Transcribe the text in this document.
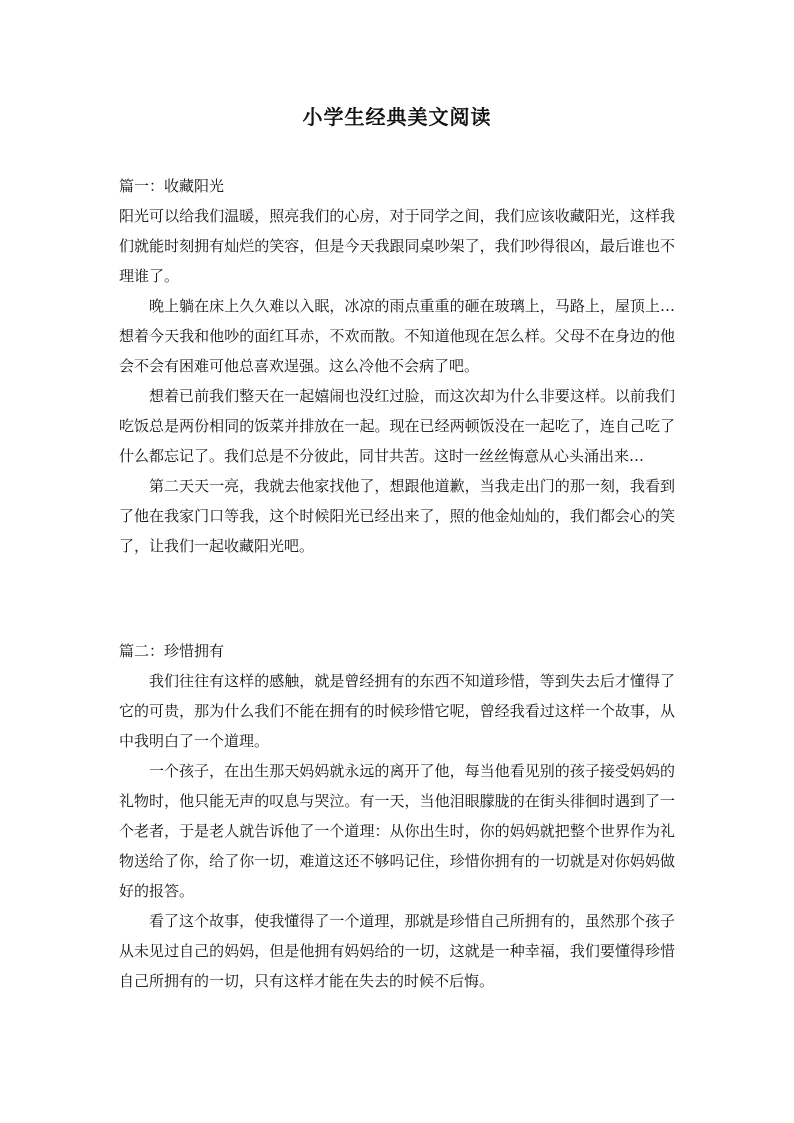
小学生经典美文阅读

篇一：收藏阳光

阳光可以给我们温暖，照亮我们的心房，对于同学之间，我们应该收藏阳光，这样我们就能时刻拥有灿烂的笑容，但是今天我跟同桌吵架了，我们吵得很凶，最后谁也不理谁了。

晚上躺在床上久久难以入眠，冰凉的雨点重重的砸在玻璃上，马路上，屋顶上…想着今天我和他吵的面红耳赤，不欢而散。不知道他现在怎么样。父母不在身边的他会不会有困难可他总喜欢逞强。这么冷他不会病了吧。

想着已前我们整天在一起嬉闹也没红过脸，而这次却为什么非要这样。以前我们吃饭总是两份相同的饭菜并排放在一起。现在已经两顿饭没在一起吃了，连自己吃了什么都忘记了。我们总是不分彼此，同甘共苦。这时一丝丝悔意从心头涌出来…

第二天天一亮，我就去他家找他了，想跟他道歉，当我走出门的那一刻，我看到了他在我家门口等我，这个时候阳光已经出来了，照的他金灿灿的，我们都会心的笑了，让我们一起收藏阳光吧。

篇二：珍惜拥有

我们往往有这样的感触，就是曾经拥有的东西不知道珍惜，等到失去后才懂得了它的可贵，那为什么我们不能在拥有的时候珍惜它呢，曾经我看过这样一个故事，从中我明白了一个道理。

一个孩子，在出生那天妈妈就永远的离开了他，每当他看见别的孩子接受妈妈的礼物时，他只能无声的叹息与哭泣。有一天，当他泪眼朦胧的在街头徘徊时遇到了一个老者，于是老人就告诉他了一个道理：从你出生时，你的妈妈就把整个世界作为礼物送给了你，给了你一切，难道这还不够吗记住，珍惜你拥有的一切就是对你妈妈做好的报答。

看了这个故事，使我懂得了一个道理，那就是珍惜自己所拥有的，虽然那个孩子从未见过自己的妈妈，但是他拥有妈妈给的一切，这就是一种幸福，我们要懂得珍惜自己所拥有的一切，只有这样才能在失去的时候不后悔。
